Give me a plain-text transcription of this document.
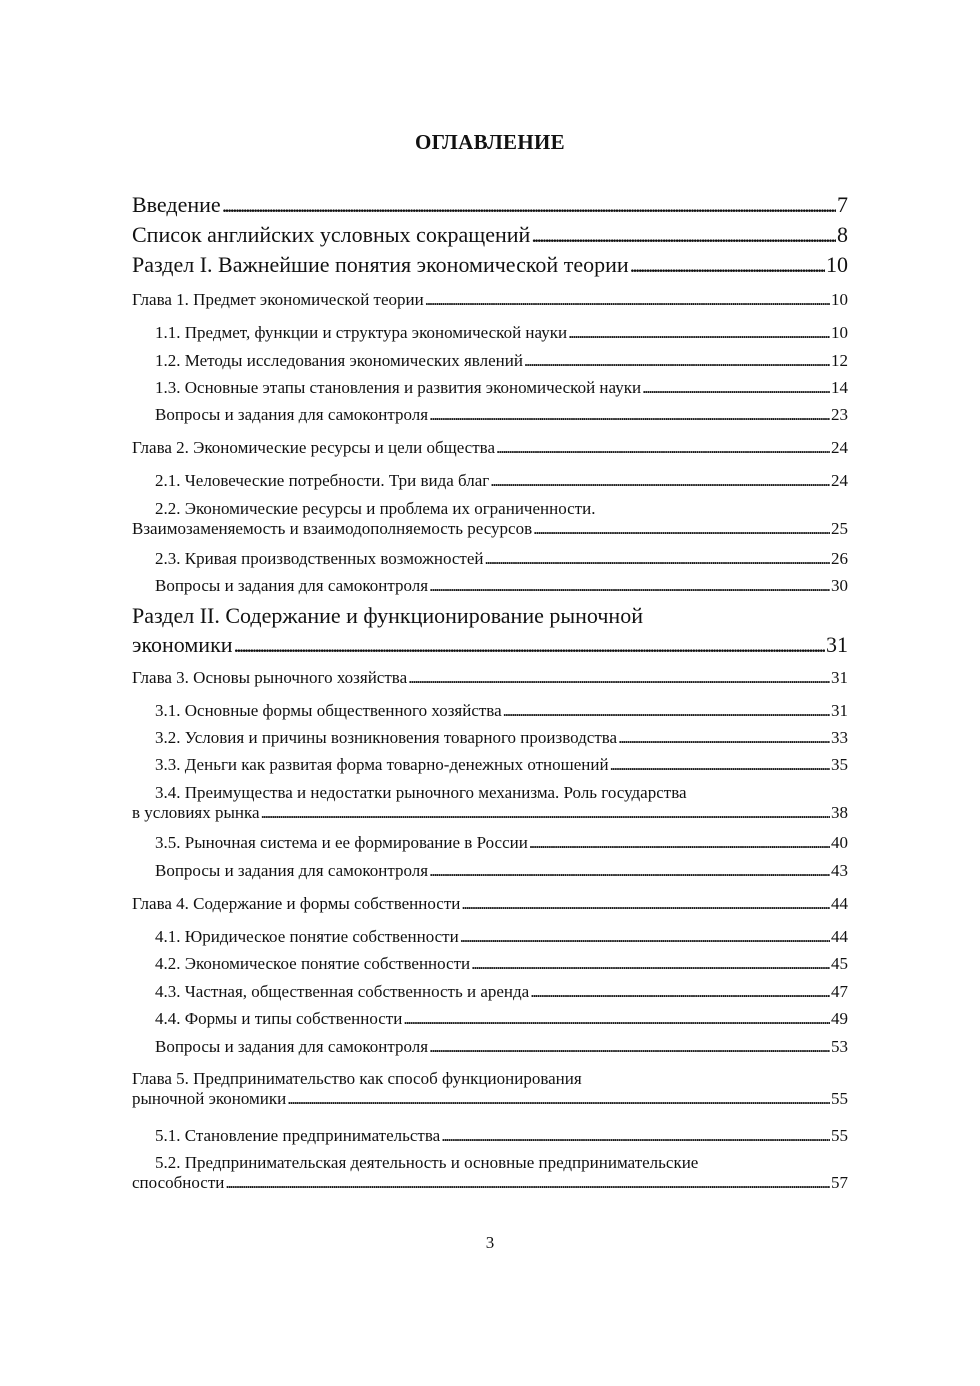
ОГЛАВЛЕНИЕ
Введение . . .	7
Список английских условных сокращений . . .	8
Раздел I. Важнейшие понятия экономической теории . . .	10
Глава 1. Предмет экономической теории . . .	10
1.1. Предмет, функции и структура экономической науки . . .	10
1.2. Методы исследования экономических явлений . . .	12
1.3. Основные этапы становления и развития экономической науки . . .	14
Вопросы и задания для самоконтроля . . .	23
Глава 2. Экономические ресурсы и цели общества . . .	24
2.1. Человеческие потребности. Три вида благ . . .	24
2.2. Экономические ресурсы и проблема их ограниченности.
Взаимозаменяемость и взаимодополняемость ресурсов . . .	25
2.3. Кривая производственных возможностей . . .	26
Вопросы и задания для самоконтроля . . .	30
Раздел II. Содержание и функционирование рыночной
экономики . . .	31
Глава 3. Основы рыночного хозяйства . . .	31
3.1. Основные формы общественного хозяйства . . .	31
3.2. Условия и причины возникновения товарного производства . . .	33
3.3. Деньги как развитая форма товарно-денежных отношений . . .	35
3.4. Преимущества и недостатки рыночного механизма. Роль государства
в условиях рынка . . .	38
3.5. Рыночная система и ее формирование в России . . .	40
Вопросы и задания для самоконтроля . . .	43
Глава 4. Содержание и формы собственности . . .	44
4.1. Юридическое понятие собственности . . .	44
4.2. Экономическое понятие собственности . . .	45
4.3. Частная, общественная собственность и аренда . . .	47
4.4. Формы и типы собственности . . .	49
Вопросы и задания для самоконтроля . . .	53
Глава 5. Предпринимательство как способ функционирования
рыночной экономики . . .	55
5.1. Становление предпринимательства . . .	55
5.2. Предпринимательская деятельность и основные предпринимательские
способности . . .	57
3
